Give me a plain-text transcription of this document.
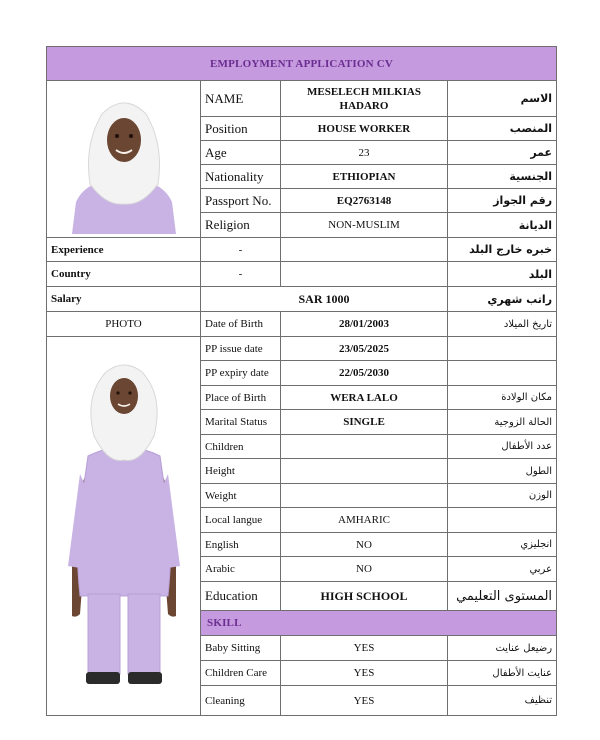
EMPLOYMENT APPLICATION CV			

	NAME	MESELECH MILKIAS HADARO	الاسم
	Position	HOUSE WORKER	المنصب
	Age	23	عمر
	Nationality	ETHIOPIAN	الجنسية
	Passport No.	EQ2763148	رقم الجواز
	Religion	NON-MUSLIM	الديانة
Experience	-		خبره خارج البلد
Country	-		البلد
Salary	SAR 1000		راتب شهري
PHOTO	Date of Birth	28/01/2003	تاريخ الميلاد

	PP issue date	23/05/2025	
	PP expiry date	22/05/2030	
	Place of Birth	WERA LALO	مكان الولادة
	Marital Status	SINGLE	الحالة الزوجية
	Children		عدد الأطفال
	Height		الطول
	Weight		الوزن
	Local langue	AMHARIC	
	English	NO	انجليزي
	Arabic	NO	عربي
	Education	HIGH SCHOOL	المستوى التعليمي
	SKILL		
	Baby Sitting	YES	رضيعل عنايت
	Children Care	YES	عنايت الأطفال
	Cleaning	YES	تنظيف
